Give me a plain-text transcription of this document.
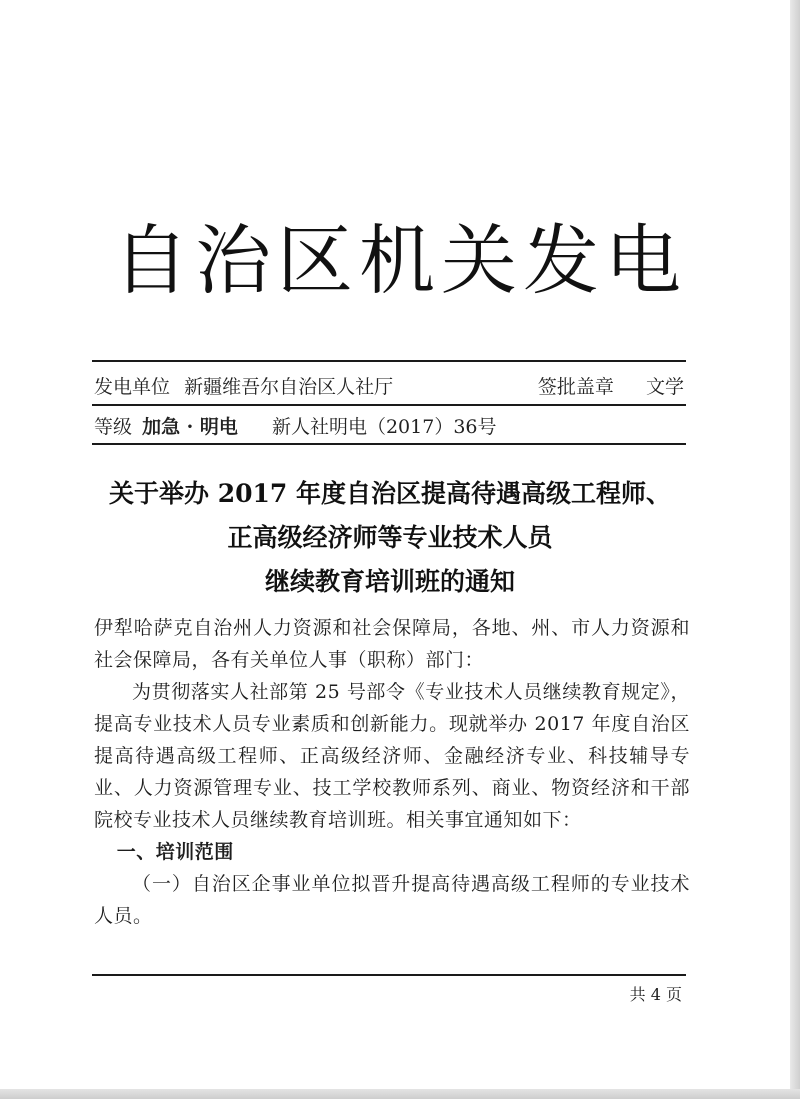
自治区机关发电
发电单位 新疆维吾尔自治区人社厅	签批盖章 文学
等级 加急 · 明电 新人社明电（2017）36号
关于举办 2017 年度自治区提高待遇高级工程师、
正高级经济师等专业技术人员
继续教育培训班的通知

伊犁哈萨克自治州人力资源和社会保障局，各地、州、市人力资源和社会保障局，各有关单位人事（职称）部门：

为贯彻落实人社部第 25 号部令《专业技术人员继续教育规定》，提高专业技术人员专业素质和创新能力。现就举办 2017 年度自治区提高待遇高级工程师、正高级经济师、金融经济专业、科技辅导专业、人力资源管理专业、技工学校教师系列、商业、物资经济和干部院校专业技术人员继续教育培训班。相关事宜通知如下：

一、培训范围

（一）自治区企事业单位拟晋升提高待遇高级工程师的专业技术人员。

共 4 页
